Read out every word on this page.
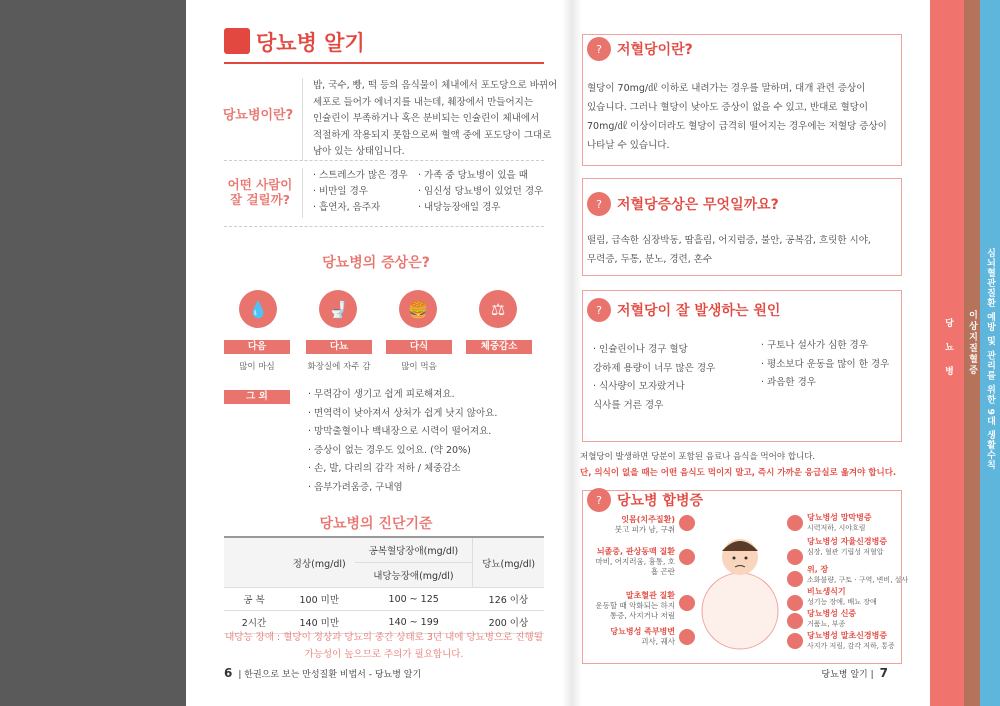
당뇨병 알기
당뇨병이란?
밥, 국수, 빵, 떡 등의 음식물이 체내에서 포도당으로 바뀌어
세포로 들어가 에너지를 내는데, 췌장에서 만들어지는
인슐린이 부족하거나 혹은 분비되는 인슐린이 체내에서
적절하게 작용되지 못함으로써 혈액 중에 포도당이 그대로
남아 있는 상태입니다.
어떤 사람이
잘 걸릴까?
· 스트레스가 많은 경우
· 비만일 경우
· 흡연자, 음주자
· 가족 중 당뇨병이 있을 때
· 임신성 당뇨병이 있었던 경우
· 내당능장애일 경우
당뇨병의 증상은?
💧	🚽	🍔	⚖
다음	다뇨	다식	체중감소
많이 마심	화장실에 자주 감	많이 먹음
그 외	· 무력감이 생기고 쉽게 피로해져요.
· 면역력이 낮아져서 상처가 쉽게 낫지 않아요.
· 망막출혈이나 백내장으로 시력이 떨어져요.
· 증상이 없는 경우도 있어요. (약 20%)
· 손, 발, 다리의 감각 저하 / 체중감소
· 음부가려움증, 구내염
당뇨병의 진단기준
	정상(mg/dl)	공복혈당장애(mg/dl)	당뇨(mg/dl)
		내당능장애(mg/dl)	
공 복	100 미만	100 ~ 125	126 이상
2시간	140 미만	140 ~ 199	200 이상
내당능 장애 : 혈당이 정상과 당뇨의 중간 상태로 3년 내에 당뇨병으로 진행될
가능성이 높으므로 주의가 필요합니다.
6 | 한권으로 보는 만성질환 비법서 - 당뇨병 알기
?	저혈당이란?
혈당이 70mg/㎗ 이하로 내려가는 경우를 말하며, 대개 관련 증상이
있습니다. 그러나 혈당이 낮아도 증상이 없을 수 있고, 반대로 혈당이
70mg/㎗ 이상이더라도 혈당이 급격히 떨어지는 경우에는 저혈당 증상이
나타날 수 있습니다.
?	저혈당증상은 무엇일까요?
떨림, 급속한 심장박동, 땀흘림, 어지럼증, 불안, 공복감, 흐릿한 시야,
무력증, 두통, 분노, 경련, 혼수
?	저혈당이 잘 발생하는 원인
· 인슐린이나 경구 혈당
강하제 용량이 너무 많은 경우
· 식사량이 모자랐거나
식사를 거른 경우
· 구토나 설사가 심한 경우
· 평소보다 운동을 많이 한 경우
· 과음한 경우
저혈당이 발생하면 당분이 포함된 음료나 음식을 먹어야 합니다.
단, 의식이 없을 때는 어떤 음식도 먹이지 말고, 즉시 가까운 응급실로 옮겨야 합니다.
?	당뇨병 합병증
잇몸(치주질환)
붓고 피가 남, 구취
뇌졸중, 관상동맥 질환
마비, 어지러움, 흉통, 호흡 곤란
말초혈관 질환
운동할 때 악화되는 하지통증, 사지거나 저림
당뇨병성 족부병변
괴사, 궤사
당뇨병성 망막병증
시력저하, 시야흐림
당뇨병성 자율신경병증
심장, 혈관 기립성 저혈압
위, 장
소화불량, 구토 · 구역, 변비, 설사
비뇨생식기
성기능 장애, 배뇨 장애
당뇨병성 신증
거품뇨, 부종
당뇨병성 말초신경병증
사지가 저림, 감각 저하, 통증
당뇨병 알기 | 7
당 뇨 병 이상지질혈증 심뇌혈관질환 예방 및 관리를 위한 9대 생활수칙
